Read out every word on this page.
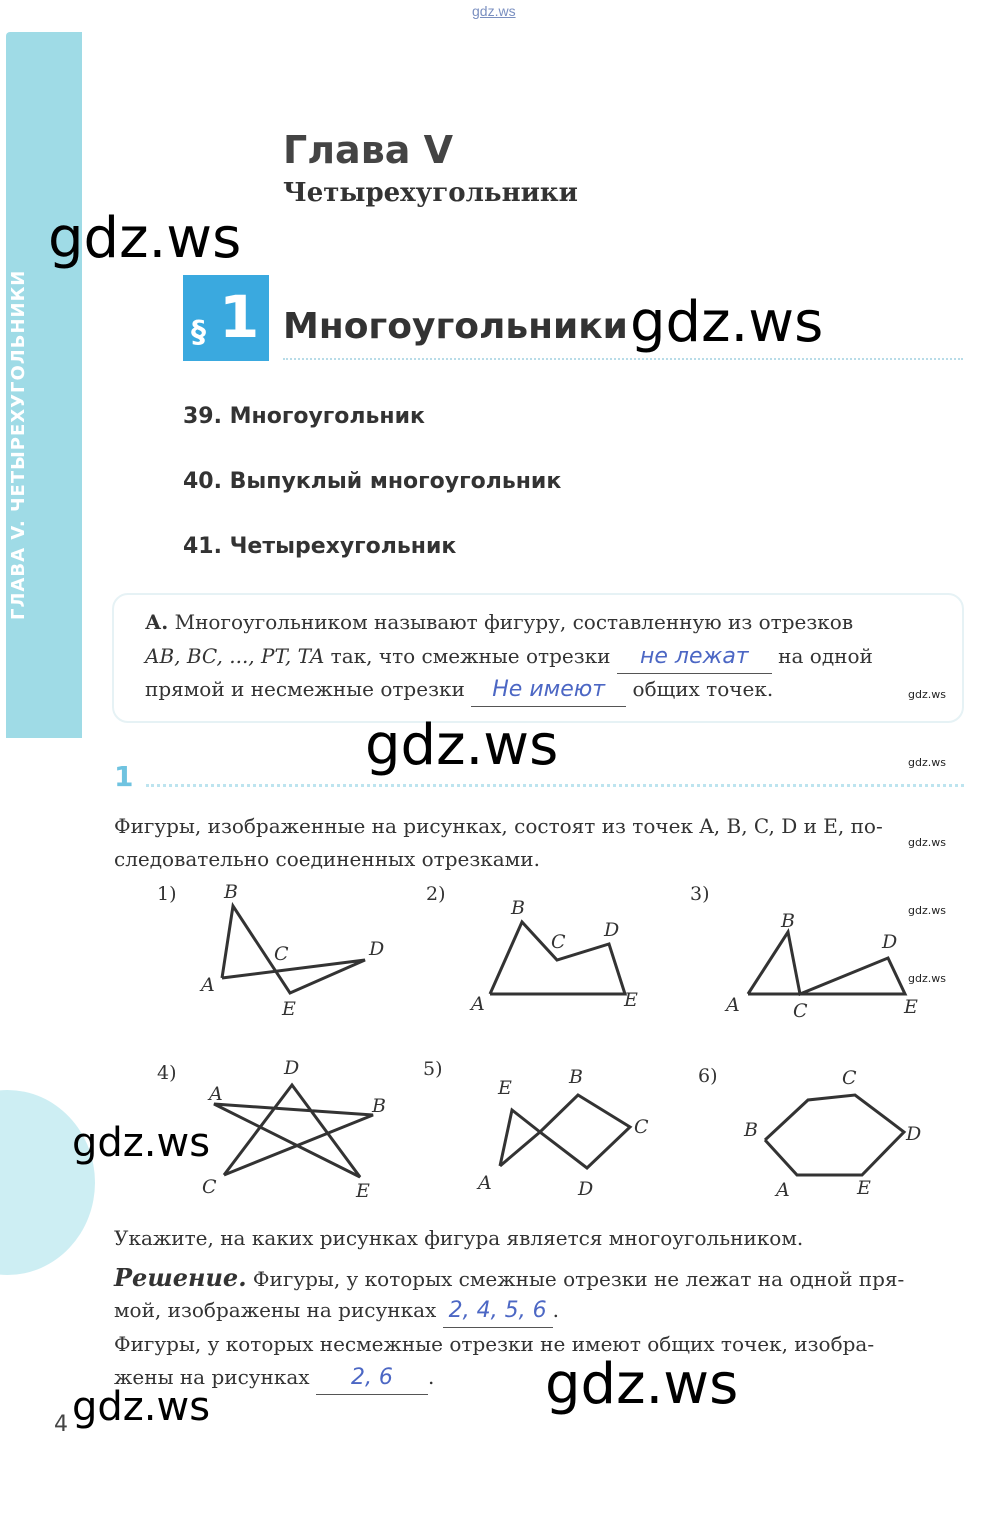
gdz.ws
ГЛАВА V. ЧЕТЫРЕХУГОЛЬНИКИ
Глава V
Четырехугольники
§ 1 Многоугольники
39. Многоугольник
40. Выпуклый многоугольник
41. Четырехугольник
А. Многоугольником называют фигуру, составленную из отрезков
AB, BC, ..., PT, TA так, что смежные отрезки не лежат на одной
прямой и несмежные отрезки Не имеют общих точек.
1
Фигуры, изображенные на рисунках, состоят из точек A, B, C, D и E, по-
следовательно соединенных отрезками.
1)	2)	3)
4)	5)	6)
B
C	D
A
E
B
C
D
A	E
B
D
A	C	E
D
A
B
C	E
E	B
C
A	D
C
B	D
A	E
Укажите, на каких рисунках фигура является многоугольником.
Решение. Фигуры, у которых смежные отрезки не лежат на одной пря-
мой, изображены на рисунках 2, 4, 5, 6 .
Фигуры, у которых несмежные отрезки не имеют общих точек, изобра-
жены на рисунках 2, 6 .
4
gdz.ws
gdz.ws
gdz.ws
gdz.ws
gdz.ws	gdz.ws
gdz.ws
gdz.ws
gdz.ws
gdz.ws
gdz.ws
